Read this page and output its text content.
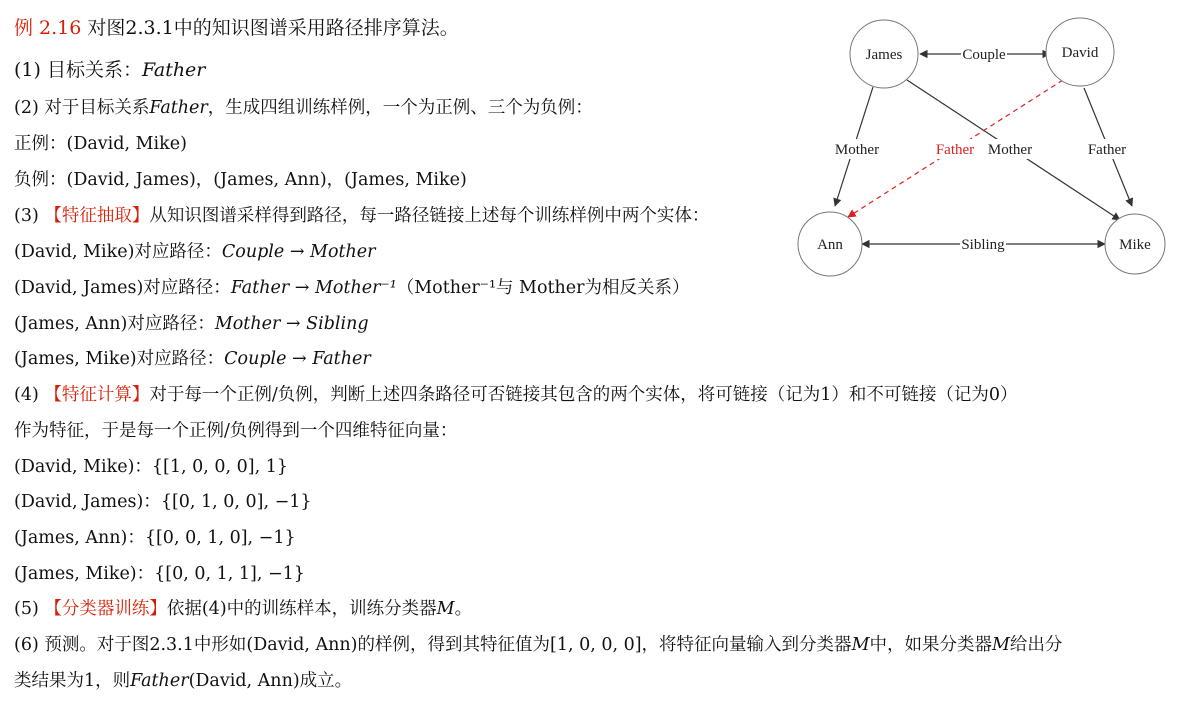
例 2.16 对图2.3.1中的知识图谱采用路径排序算法。
(1) 目标关系：Father
(2) 对于目标关系Father，生成四组训练样例，一个为正例、三个为负例：
正例：(David, Mike)
负例：(David, James)，(James, Ann)，(James, Mike)
(3) 【特征抽取】从知识图谱采样得到路径，每一路径链接上述每个训练样例中两个实体：
(David, Mike)对应路径：Couple → Mother
(David, James)对应路径：Father → Mother⁻¹（Mother⁻¹与 Mother为相反关系）
(James, Ann)对应路径：Mother → Sibling
(James, Mike)对应路径：Couple → Father
(4) 【特征计算】对于每一个正例/负例，判断上述四条路径可否链接其包含的两个实体，将可链接（记为1）和不可链接（记为0）
作为特征，于是每一个正例/负例得到一个四维特征向量：
(David, Mike)：{[1, 0, 0, 0], 1}
(David, James)：{[0, 1, 0, 0], −1}
(James, Ann)：{[0, 0, 1, 0], −1}
(James, Mike)：{[0, 0, 1, 1], −1}
(5) 【分类器训练】依据(4)中的训练样本，训练分类器M。
(6) 预测。对于图2.3.1中形如(David, Ann)的样例，得到其特征值为[1, 0, 0, 0]，将特征向量输入到分类器M中，如果分类器M给出分
类结果为1，则Father(David, Ann)成立。
Couple
Mother	Father Mother	Father
Sibling
James	David
Ann	Mike
